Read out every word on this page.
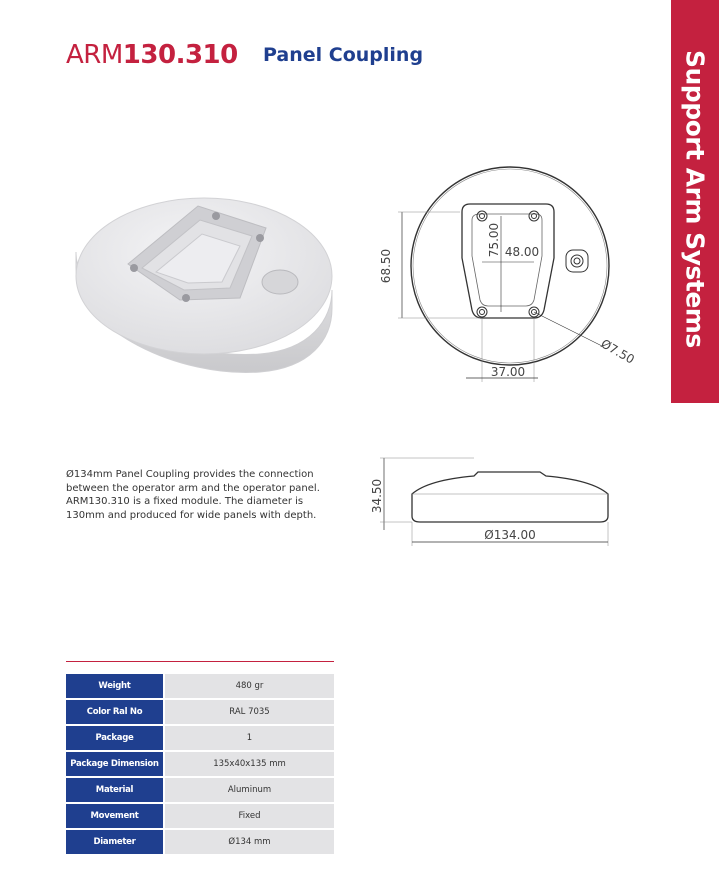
ARM130.310 Panel Coupling	Support Arm Systems
68.50
75.00 48.00
Ø7.50
37.00
34.50
Ø134.00
Ø134mm Panel Coupling provides the connection between the operator arm and the operator panel. ARM130.310 is a fixed module. The diameter is 130mm and produced for wide panels with depth.
Weight	480 gr
Color Ral No	RAL 7035
Package	1
Package Dimension	135x40x135 mm
Material	Aluminum
Movement	Fixed
Diameter	Ø134 mm
